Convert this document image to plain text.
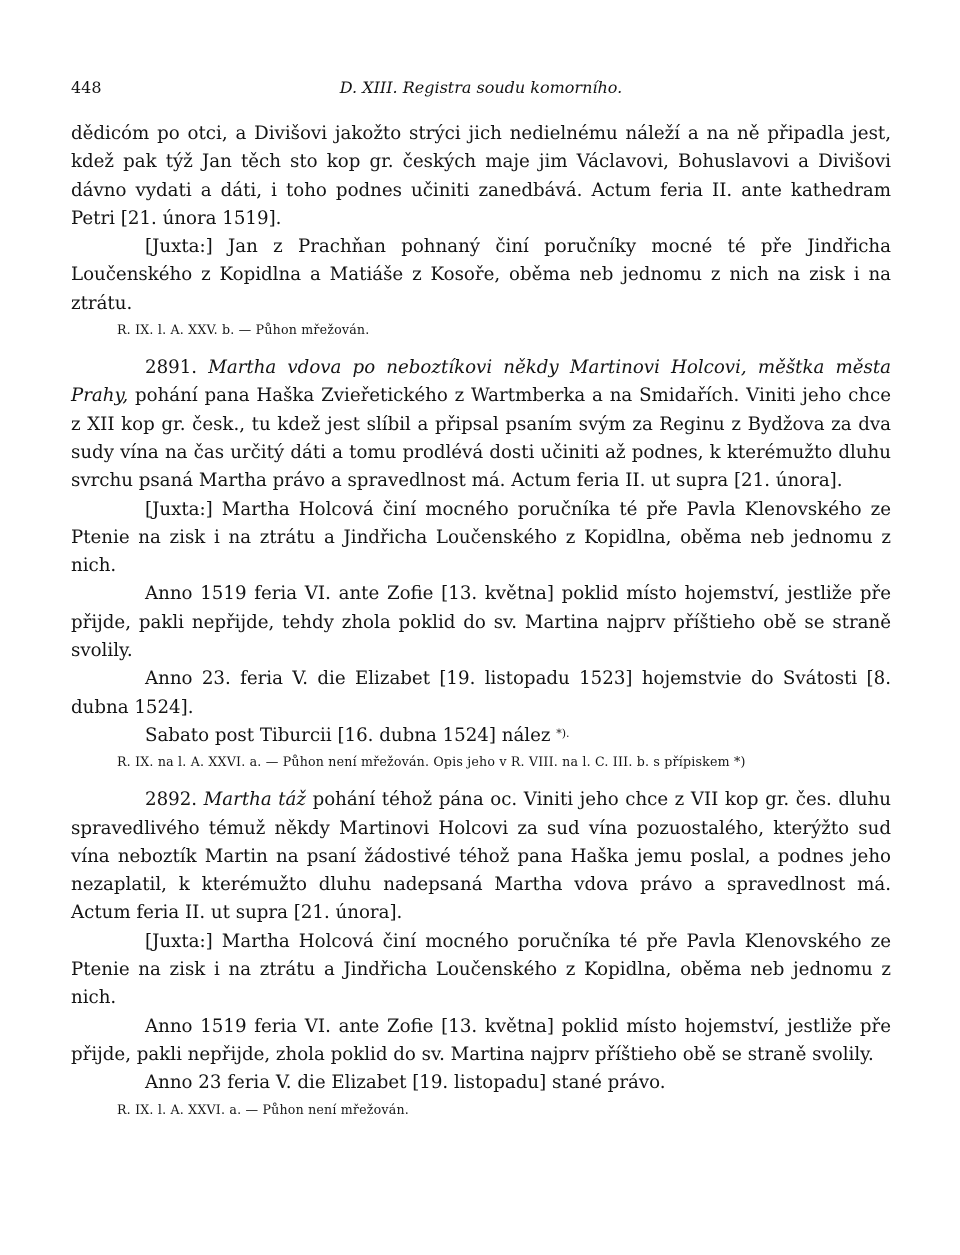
448	D. XIII. Registra soudu komorního.

dědicóm po otci, a Divišovi jakožto strýci jich nedielnému náleží a na ně připadla jest, kdež pak týž Jan těch sto kop gr. českých maje jim Václavovi, Bohuslavovi a Divišovi dávno vydati a dáti, i toho podnes učiniti zanedbává. Actum feria II. ante kathedram Petri [21. února 1519].

[Juxta:] Jan z Prachňan pohnaný činí poručníky mocné té pře Jindřicha Loučenského z Kopidlna a Matiáše z Kosoře, oběma neb jednomu z nich na zisk i na ztrátu.

R. IX. l. A. XXV. b. — Půhon mřežován.

2891. Martha vdova po neboztíkovi někdy Martinovi Holcovi, měštka města Prahy, pohání pana Haška Zvieřetického z Wartmberka a na Smidařích. Viniti jeho chce z XII kop gr. česk., tu kdež jest slíbil a připsal psaním svým za Reginu z Bydžova za dva sudy vína na čas určitý dáti a tomu prodlévá dosti učiniti až podnes, k kterémužto dluhu svrchu psaná Martha právo a spravedlnost má. Actum feria II. ut supra [21. února].

[Juxta:] Martha Holcová činí mocného poručníka té pře Pavla Klenovského ze Ptenie na zisk i na ztrátu a Jindřicha Loučenského z Kopidlna, oběma neb jednomu z nich.

Anno 1519 feria VI. ante Zofie [13. května] poklid místo hojemství, jestliže pře přijde, pakli nepřijde, tehdy zhola poklid do sv. Martina najprv příštieho obě se straně svolily.

Anno 23. feria V. die Elizabet [19. listopadu 1523] hojemstvie do Svátosti [8. dubna 1524].

Sabato post Tiburcii [16. dubna 1524] nález *).

R. IX. na l. A. XXVI. a. — Půhon není mřežován. Opis jeho v R. VIII. na l. C. III. b. s přípiskem *)

2892. Martha táž pohání téhož pána oc. Viniti jeho chce z VII kop gr. čes. dluhu spravedlivého témuž někdy Martinovi Holcovi za sud vína pozuostalého, kterýžto sud vína neboztík Martin na psaní žádostivé téhož pana Haška jemu poslal, a podnes jeho nezaplatil, k kterémužto dluhu nadepsaná Martha vdova právo a spravedlnost má. Actum feria II. ut supra [21. února].

[Juxta:] Martha Holcová činí mocného poručníka té pře Pavla Klenovského ze Ptenie na zisk i na ztrátu a Jindřicha Loučenského z Kopidlna, oběma neb jednomu z nich.

Anno 1519 feria VI. ante Zofie [13. května] poklid místo hojemství, jestliže pře přijde, pakli nepřijde, zhola poklid do sv. Martina najprv příštieho obě se straně svolily.

Anno 23 feria V. die Elizabet [19. listopadu] stané právo.

R. IX. l. A. XXVI. a. — Půhon není mřežován.
